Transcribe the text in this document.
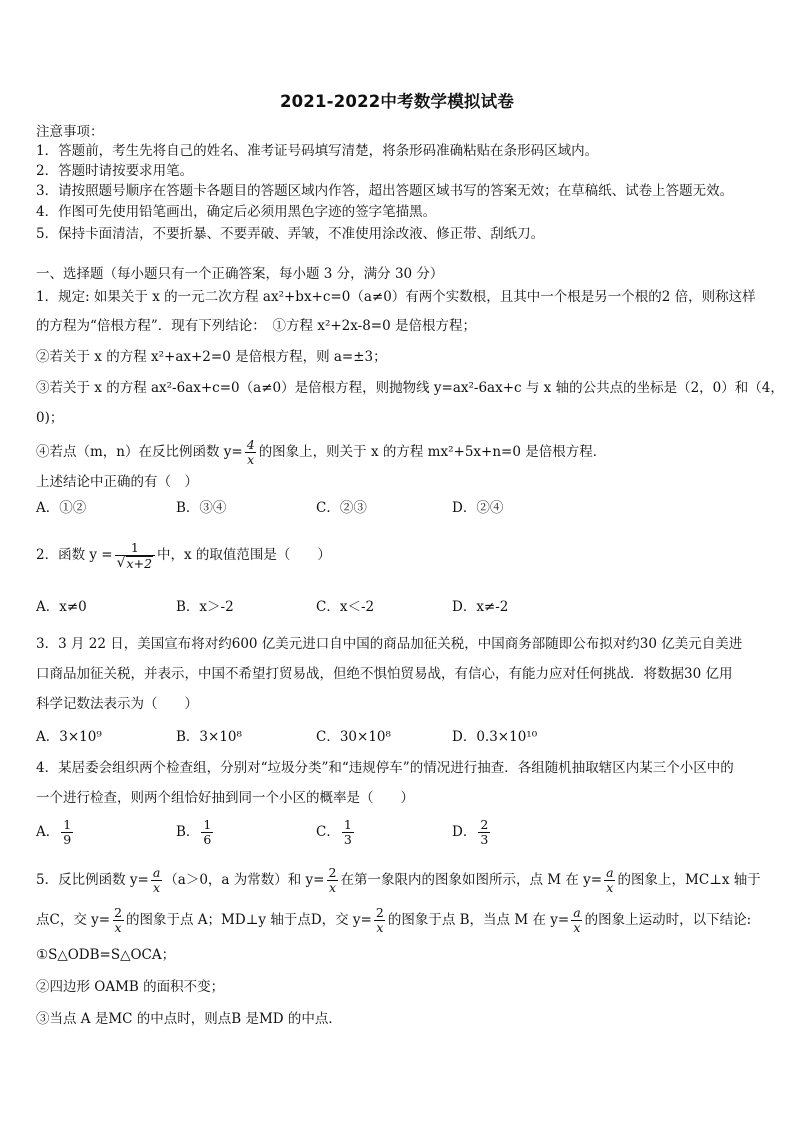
2021-2022中考数学模拟试卷
注意事项：
1．答题前，考生先将自己的姓名、准考证号码填写清楚，将条形码准确粘贴在条形码区域内。
2．答题时请按要求用笔。
3．请按照题号顺序在答题卡各题目的答题区域内作答，超出答题区域书写的答案无效；在草稿纸、试卷上答题无效。
4．作图可先使用铅笔画出，确定后必须用黑色字迹的签字笔描黑。
5．保持卡面清洁，不要折暴、不要弄破、弄皱，不准使用涂改液、修正带、刮纸刀。
一、选择题（每小题只有一个正确答案，每小题 3 分，满分 30 分）
1．规定: 如果关于 x 的一元二次方程 ax²+bx+c=0（a≠0）有两个实数根，且其中一个根是另一个根的2 倍，则称这样
的方程为“倍根方程”．现有下列结论：　①方程 x²+2x-8=0 是倍根方程；
②若关于 x 的方程 x²+ax+2=0 是倍根方程，则 a=±3；
③若关于 x 的方程 ax²-6ax+c=0（a≠0）是倍根方程，则抛物线 y=ax²-6ax+c 与 x 轴的公共点的坐标是（2，0）和（4，
0)；
④若点（m，n）在反比例函数 $y= \frac{4}{x}$ 的图象上，则关于 x 的方程 mx²+5x+n=0 是倍根方程．
上述结论中正确的有（　）
A．①②	B．③④	C．②③	D．②④
2．函数 $y = \frac{1}{√ x+2}$ 中，x 的取值范围是（　　）
A．x≠0	B．x＞-2	C．x＜-2	D．x≠-2
3．3 月 22 日，美国宣布将对约600 亿美元进口自中国的商品加征关税，中国商务部随即公布拟对约30 亿美元自美进
口商品加征关税，并表示，中国不希望打贸易战，但绝不惧怕贸易战，有信心，有能力应对任何挑战．将数据30 亿用
科学记数法表示为（　　）
A．3×10⁹	B．3×10⁸	C．30×10⁸	D．0.3×10¹⁰
4．某居委会组织两个检查组，分别对“垃圾分类”和“违规停车”的情况进行抽查．各组随机抽取辖区内某三个小区中的
一个进行检查，则两个组恰好抽到同一个小区的概率是（　　）
A． $\frac{1}{9}$	B． $\frac{1}{6}$	C． $\frac{1}{3}$	D． $\frac{2}{3}$
5．反比例函数 $y= \frac{a}{x} (a>0$，a 为常数）和 $y= \frac{2}{x}$ 在第一象限内的图象如图所示，点 M 在 $y= \frac{a}{x}$ 的图象上，MC⊥x 轴于
点C，交 $y= \frac{2}{x}$ 的图象于点 A；MD⊥y 轴于点D，交 $y= \frac{2}{x}$ 的图象于点 B，当点 M 在 $y= \frac{a}{x}$ 的图象上运动时，以下结论:
①S△ODB=S△OCA；
②四边形 OAMB 的面积不变；
③当点 A 是MC 的中点时，则点B 是MD 的中点．
